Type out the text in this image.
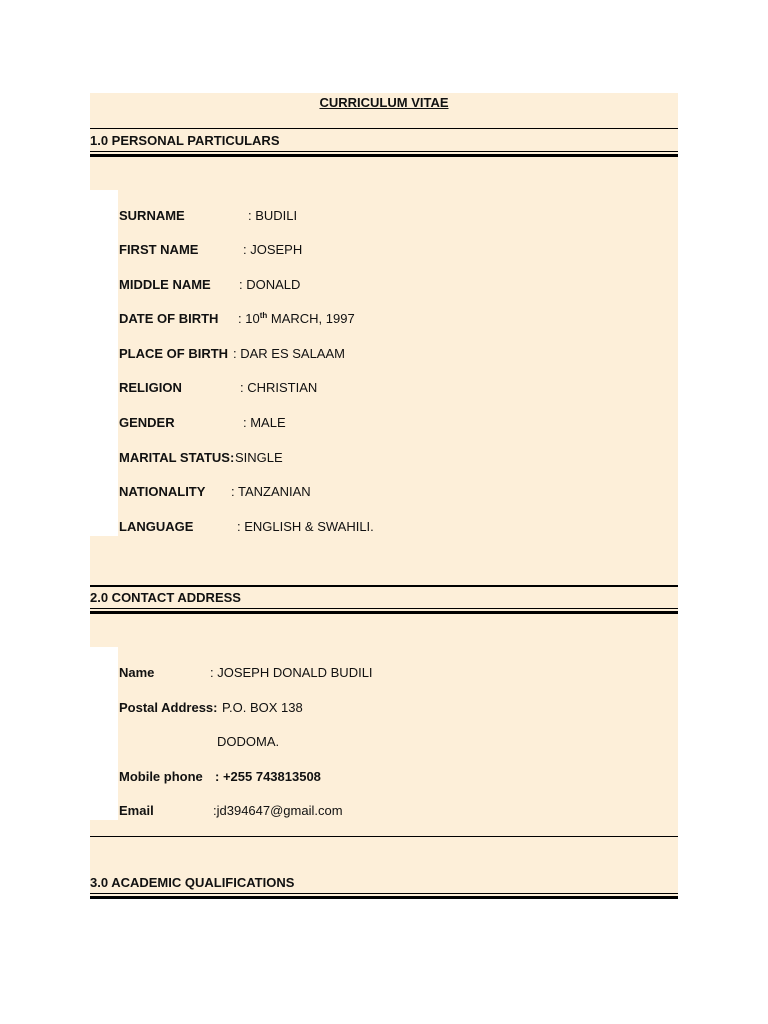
CURRICULUM VITAE
1.0 PERSONAL PARTICULARS
SURNAME	: BUDILI
FIRST NAME	: JOSEPH
MIDDLE NAME : DONALD
DATE OF BIRTH : 10th MARCH, 1997
PLACE OF BIRTH : DAR ES SALAAM
RELIGION	: CHRISTIAN
GENDER	: MALE
MARITAL STATUS: SINGLE
NATIONALITY : TANZANIAN
LANGUAGE	: ENGLISH & SWAHILI.
2.0 CONTACT ADDRESS
Name	: JOSEPH DONALD BUDILI
Postal Address: P.O. BOX 138
DODOMA.
Mobile phone : +255 743813508
Email	:jd394647@gmail.com
3.0 ACADEMIC QUALIFICATIONS
